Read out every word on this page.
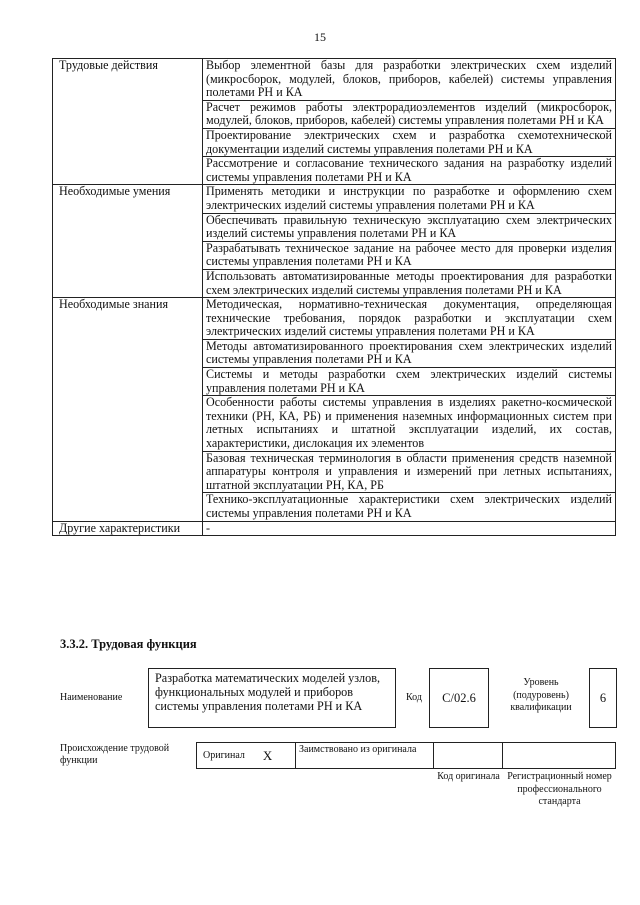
15
Трудовые действия	Выбор элементной базы для разработки электрических схем изделий (микросборок, модулей, блоков, приборов, кабелей) системы управления полетами РН и КА
	Расчет режимов работы электрорадиоэлементов изделий (микросборок, модулей, блоков, приборов, кабелей) системы управления полетами РН и КА
	Проектирование электрических схем и разработка схемотехнической документации изделий системы управления полетами РН и КА
	Рассмотрение и согласование технического задания на разработку изделий системы управления полетами РН и КА
Необходимые умения	Применять методики и инструкции по разработке и оформлению схем электрических изделий системы управления полетами РН и КА
	Обеспечивать правильную техническую эксплуатацию схем электрических изделий системы управления полетами РН и КА
	Разрабатывать техническое задание на рабочее место для проверки изделия системы управления полетами РН и КА
	Использовать автоматизированные методы проектирования для разработки схем электрических изделий системы управления полетами РН и КА
Необходимые знания	Методическая, нормативно-техническая документация, определяющая технические требования, порядок разработки и эксплуатации схем электрических изделий системы управления полетами РН и КА
	Методы автоматизированного проектирования схем электрических изделий системы управления полетами РН и КА
	Системы и методы разработки схем электрических изделий системы управления полетами РН и КА
	Особенности работы системы управления в изделиях ракетно-космической техники (РН, КА, РБ) и применения наземных информационных систем при летных испытаниях и штатной эксплуатации изделий, их состав, характеристики, дислокация их элементов
	Базовая техническая терминология в области применения средств наземной аппаратуры контроля и управления и измерений при летных испытаниях, штатной эксплуатации РН, КА, РБ
	Технико-эксплуатационные характеристики схем электрических изделий системы управления полетами РН и КА
Другие характеристики	-
3.3.2. Трудовая функция
Наименование
Разработка математических моделей узлов, функциональных модулей и приборов системы управления полетами РН и КА
Код С/02.6
Уровень (подуровень) квалификации
6
Происхождение трудовой функции	Оригинал X	Заимствовано из оригинала
Код оригинала Регистрационный номер профессионального стандарта
